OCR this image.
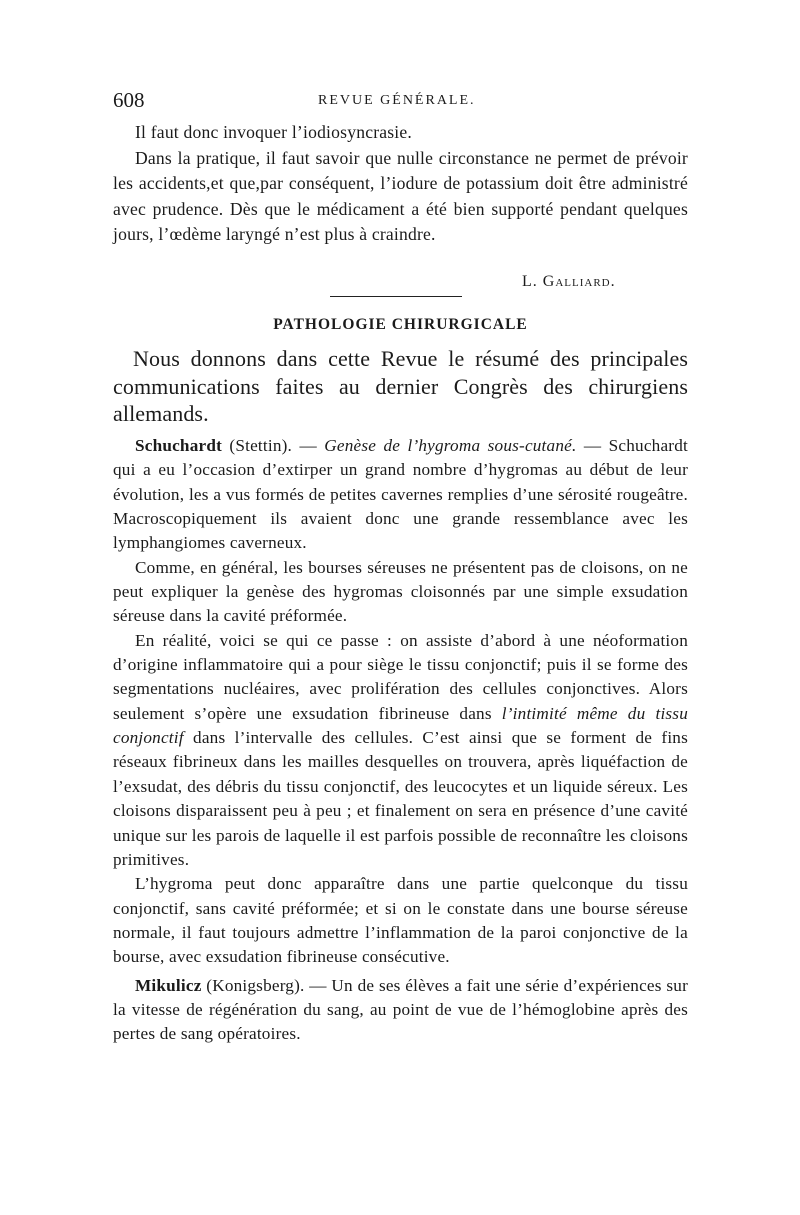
608	REVUE GÉNÉRALE.

Il faut donc invoquer l’iodiosyncrasie.

Dans la pratique, il faut savoir que nulle circonstance ne permet de prévoir les accidents,et que,par conséquent, l’iodure de potassium doit être administré avec prudence. Dès que le médicament a été bien supporté pendant quelques jours, l’œdème laryngé n’est plus à craindre.

L. Galliard.
PATHOLOGIE CHIRURGICALE

Nous donnons dans cette Revue le résumé des principales communications faites au dernier Congrès des chirurgiens allemands.

Schuchardt (Stettin). — Genèse de l’hygroma sous-cutané. — Schuchardt qui a eu l’occasion d’extirper un grand nombre d’hygromas au début de leur évolution, les a vus formés de petites cavernes remplies d’une sérosité rougeâtre. Macroscopiquement ils avaient donc une grande ressemblance avec les lymphangiomes caverneux.

Comme, en général, les bourses séreuses ne présentent pas de cloisons, on ne peut expliquer la genèse des hygromas cloisonnés par une simple exsudation séreuse dans la cavité préformée.

En réalité, voici se qui ce passe : on assiste d’abord à une néoformation d’origine inflammatoire qui a pour siège le tissu conjonctif; puis il se forme des segmentations nucléaires, avec prolifération des cellules conjonctives. Alors seulement s’opère une exsudation fibrineuse dans l’intimité même du tissu conjonctif dans l’intervalle des cellules. C’est ainsi que se forment de fins réseaux fibrineux dans les mailles desquelles on trouvera, après liquéfaction de l’exsudat, des débris du tissu conjonctif, des leucocytes et un liquide séreux. Les cloisons disparaissent peu à peu ; et finalement on sera en présence d’une cavité unique sur les parois de laquelle il est parfois possible de reconnaître les cloisons primitives.

L’hygroma peut donc apparaître dans une partie quelconque du tissu conjonctif, sans cavité préformée; et si on le constate dans une bourse séreuse normale, il faut toujours admettre l’inflammation de la paroi conjonctive de la bourse, avec exsudation fibrineuse consécutive.

Mikulicz (Konigsberg). — Un de ses élèves a fait une série d’expériences sur la vitesse de régénération du sang, au point de vue de l’hémoglobine après des pertes de sang opératoires.
